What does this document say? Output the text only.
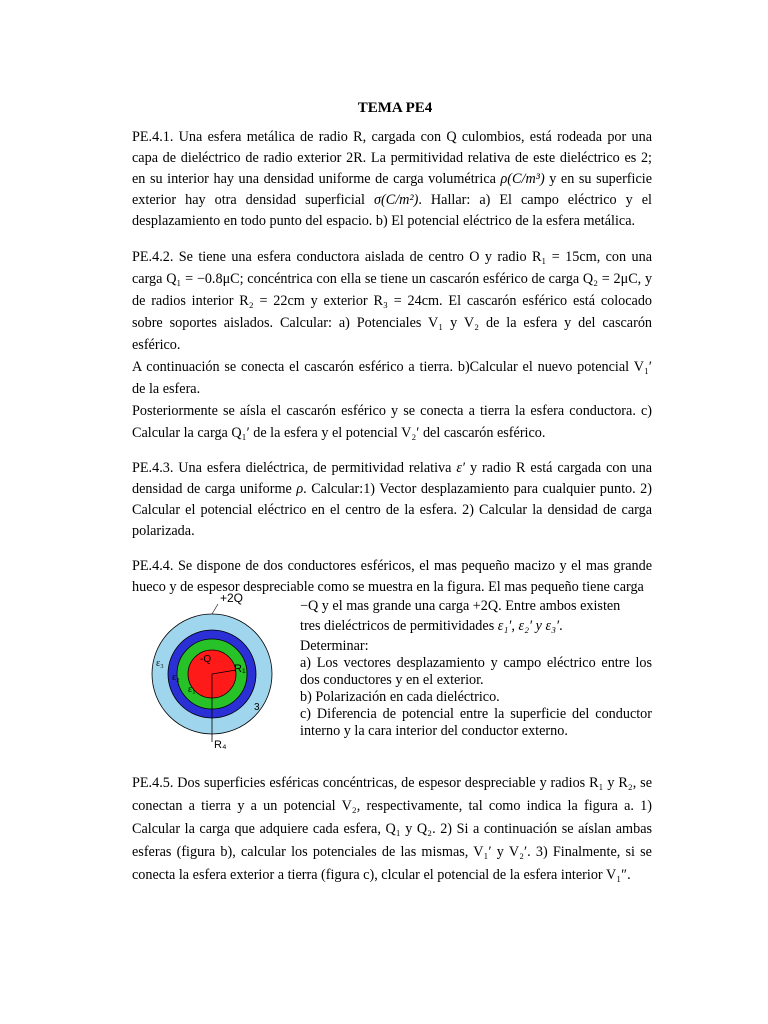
TEMA PE4

PE.4.1. Una esfera metálica de radio R, cargada con Q culombios, está rodeada por una capa de dieléctrico de radio exterior 2R. La permitividad relativa de este dieléctrico es 2; en su interior hay una densidad uniforme de carga volumétrica ρ(C/m³) y en su superficie exterior hay otra densidad superficial σ(C/m²). Hallar: a) El campo eléctrico y el desplazamiento en todo punto del espacio. b) El potencial eléctrico de la esfera metálica.

PE.4.2. Se tiene una esfera conductora aislada de centro O y radio R₁ = 15cm, con una carga Q₁ = −0.8μC; concéntrica con ella se tiene un cascarón esférico de carga Q₂ = 2μC, y de radios interior R₂ = 22cm y exterior R₃ = 24cm. El cascarón esférico está colocado sobre soportes aislados. Calcular: a) Potenciales V₁ y V₂ de la esfera y del cascarón esférico.
A continuación se conecta el cascarón esférico a tierra. b)Calcular el nuevo potencial V₁′ de la esfera.
Posteriormente se aísla el cascarón esférico y se conecta a tierra la esfera conductora. c) Calcular la carga Q₁′ de la esfera y el potencial V₂′ del cascarón esférico.

PE.4.3. Una esfera dieléctrica, de permitividad relativa ε′ y radio R está cargada con una densidad de carga uniforme ρ. Calcular:1) Vector desplazamiento para cualquier punto. 2) Calcular el potencial eléctrico en el centro de la esfera. 2) Calcular la densidad de carga polarizada.

PE.4.4. Se dispone de dos conductores esféricos, el mas pequeño macizo y el mas grande hueco y de espesor despreciable como se muestra en la figura. El mas pequeño tiene carga

+2Q
-Q
R₁
R₄
ε₃
ε₂
ε₁
3
−Q y el mas grande una carga +2Q. Entre ambos existen
tres dieléctricos de permitividades ε₁′, ε₂′ y ε₃′.
Determinar:
a) Los vectores desplazamiento y campo eléctrico entre los dos conductores y en el exterior.
b) Polarización en cada dieléctrico.
c) Diferencia de potencial entre la superficie del conductor interno y la cara interior del conductor externo.

PE.4.5. Dos superficies esféricas concéntricas, de espesor despreciable y radios R₁ y R₂, se conectan a tierra y a un potencial V₂, respectivamente, tal como indica la figura a. 1) Calcular la carga que adquiere cada esfera, Q₁ y Q₂. 2) Si a continuación se aíslan ambas esferas (figura b), calcular los potenciales de las mismas, V₁′ y V₂′. 3) Finalmente, si se conecta la esfera exterior a tierra (figura c), clcular el potencial de la esfera interior V₁″.
